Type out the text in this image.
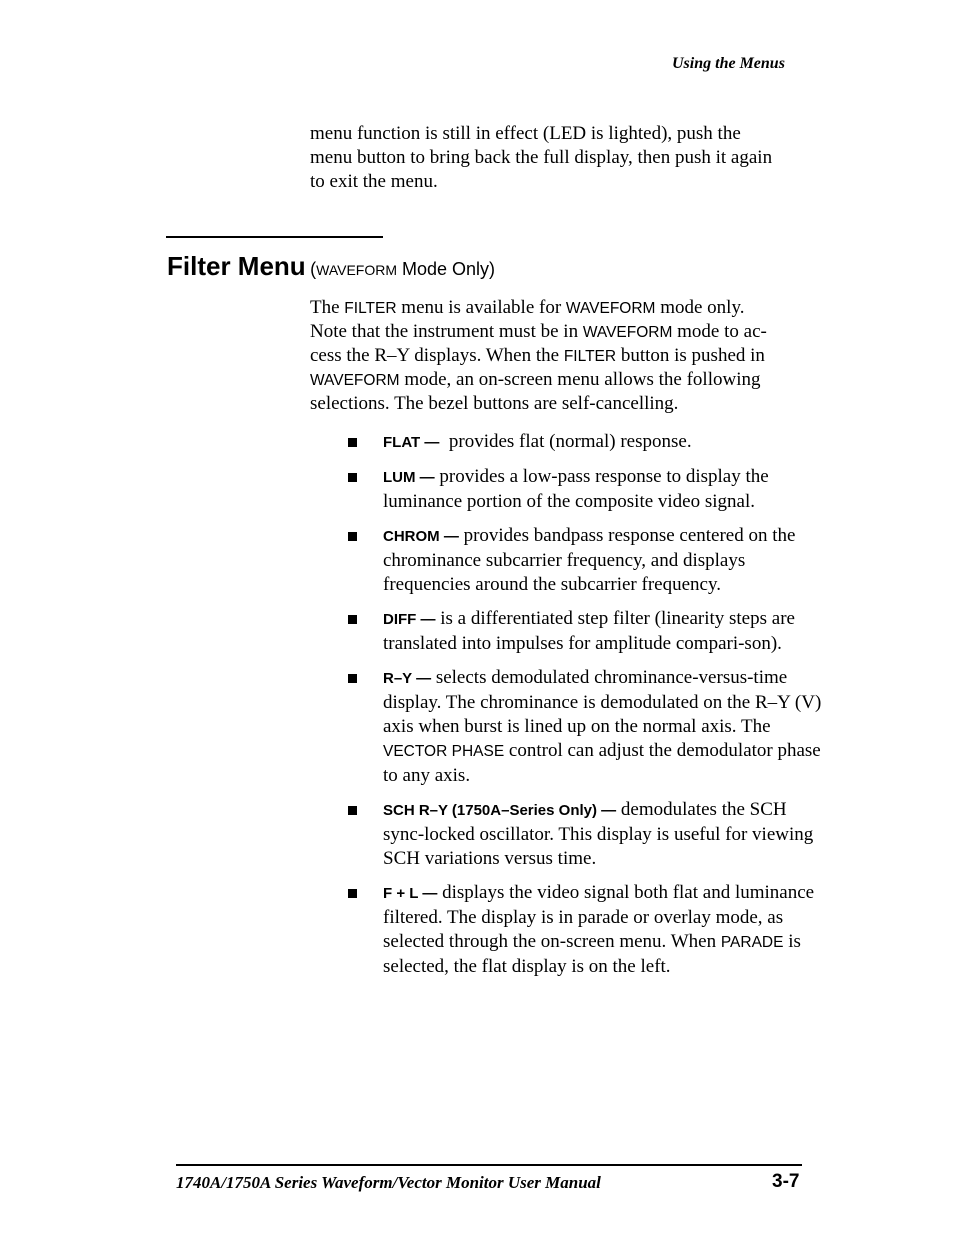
Using the Menus
menu function is still in effect (LED is lighted), push the
menu button to bring back the full display, then push it again
to exit the menu.
Filter Menu (WAVEFORM Mode Only)
The FILTER menu is available for WAVEFORM mode only.
Note that the instrument must be in WAVEFORM mode to ac-
cess the R–Y displays. When the FILTER button is pushed in
WAVEFORM mode, an on-screen menu allows the following
selections. The bezel buttons are self-cancelling.
FLAT —  provides flat (normal) response.
LUM — provides a low-pass response to display the luminance portion of the composite video signal.
CHROM — provides bandpass response centered on the chrominance subcarrier frequency, and displays frequencies around the subcarrier frequency.
DIFF — is a differentiated step filter (linearity steps are translated into impulses for amplitude compari-son).
R–Y — selects demodulated chrominance-versus-time display. The chrominance is demodulated on the R–Y (V) axis when burst is lined up on the normal axis. The VECTOR PHASE control can adjust the demodulator phase to any axis.
SCH R–Y (1750A–Series Only) — demodulates the SCH sync-locked oscillator. This display is useful for viewing SCH variations versus time.
F + L — displays the video signal both flat and luminance filtered. The display is in parade or overlay mode, as selected through the on-screen menu. When PARADE is selected, the flat display is on the left.
1740A/1750A Series Waveform/Vector Monitor User Manual	3-7
